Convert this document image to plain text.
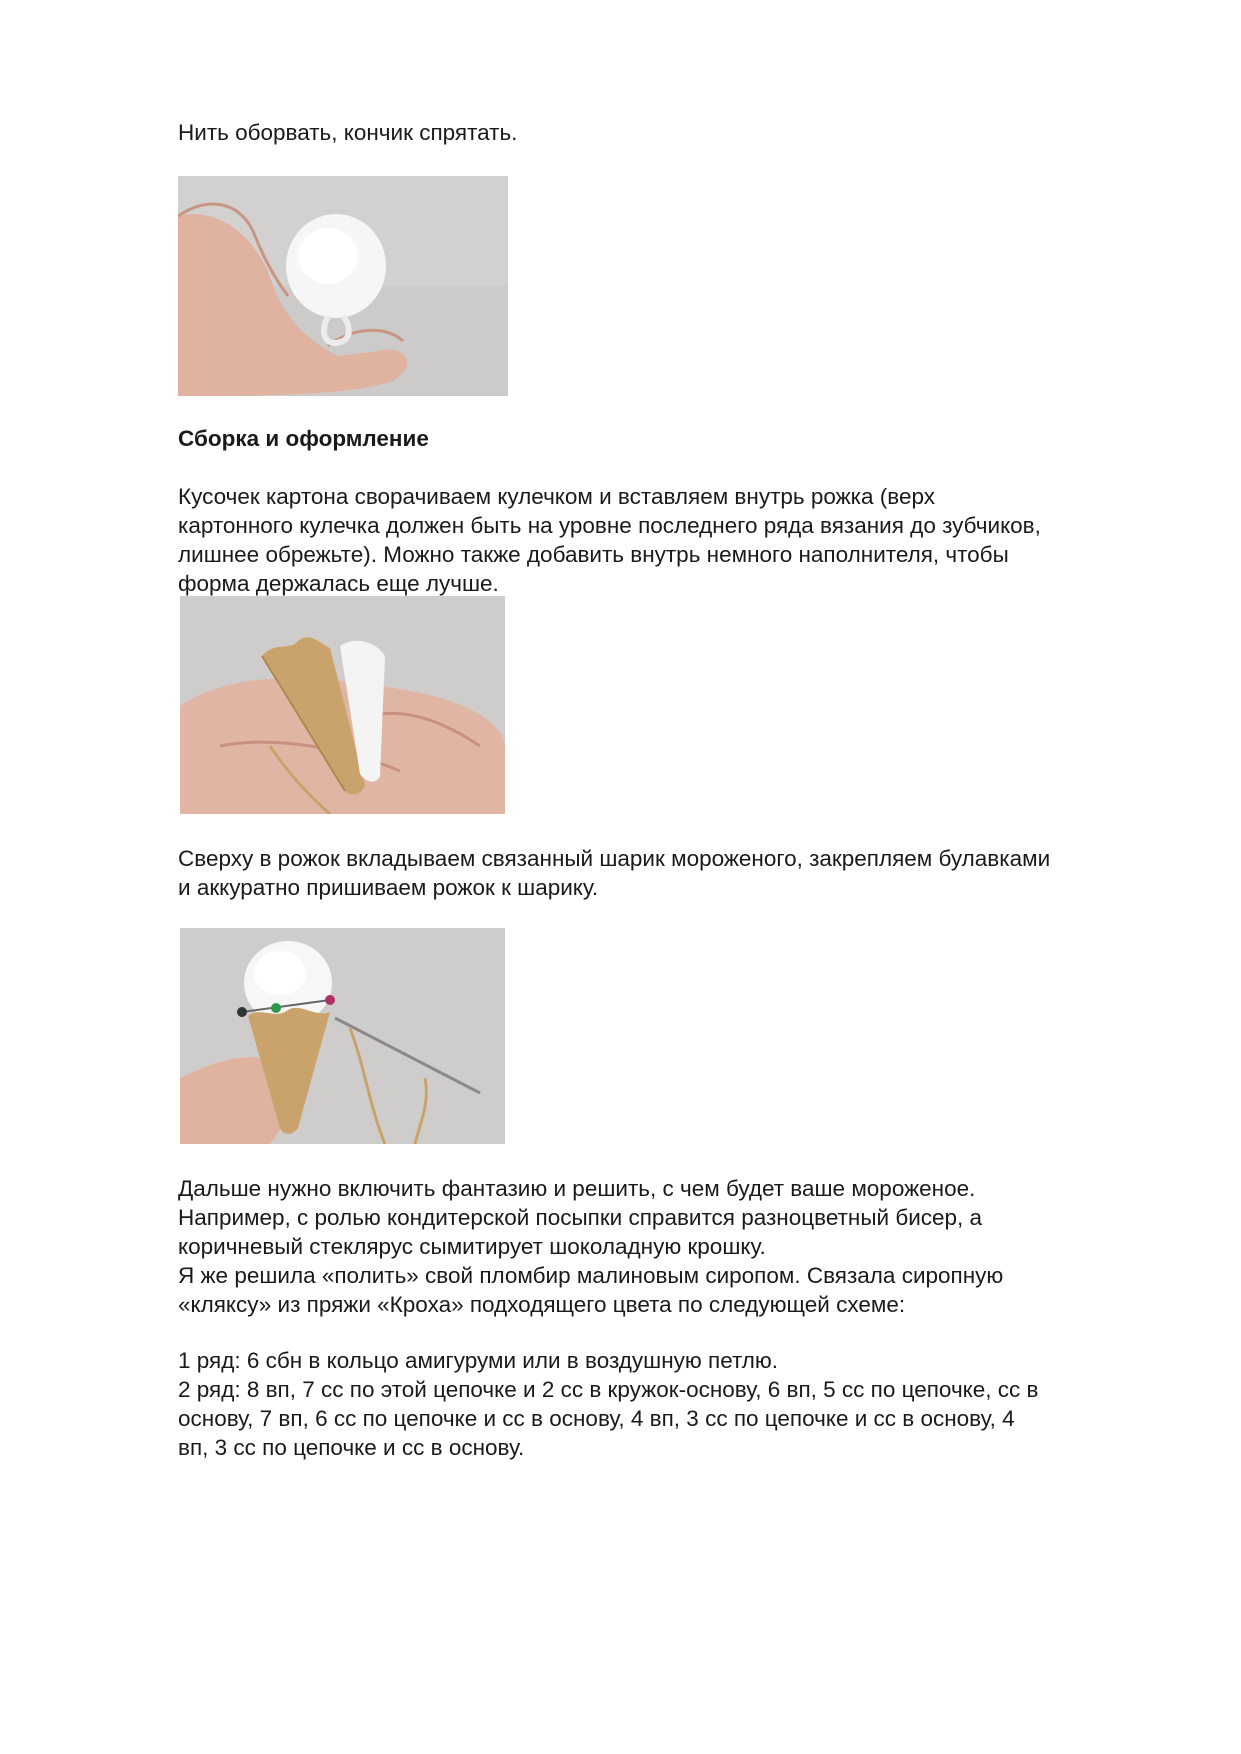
Нить оборвать, кончик спрятать.

Сборка и оформление

Кусочек картона сворачиваем кулечком и вставляем внутрь рожка (верх
картонного кулечка должен быть на уровне последнего ряда вязания до зубчиков,
лишнее обрежьте). Можно также добавить внутрь немного наполнителя, чтобы
форма держалась еще лучше.

Сверху в рожок вкладываем связанный шарик мороженого, закрепляем булавками
и аккуратно пришиваем рожок к шарику.

Дальше нужно включить фантазию и решить, с чем будет ваше мороженое.
Например, с ролью кондитерской посыпки справится разноцветный бисер, а
коричневый стеклярус сымитирует шоколадную крошку.
Я же решила «полить» свой пломбир малиновым сиропом. Связала сиропную
«кляксу» из пряжи «Кроха» подходящего цвета по следующей схеме:

1 ряд: 6 сбн в кольцо амигуруми или в воздушную петлю.
2 ряд: 8 вп, 7 сс по этой цепочке и 2 сс в кружок-основу, 6 вп, 5 сс по цепочке, сс в
основу, 7 вп, 6 сс по цепочке и сс в основу, 4 вп, 3 сс по цепочке и сс в основу, 4
вп, 3 сс по цепочке и сс в основу.
